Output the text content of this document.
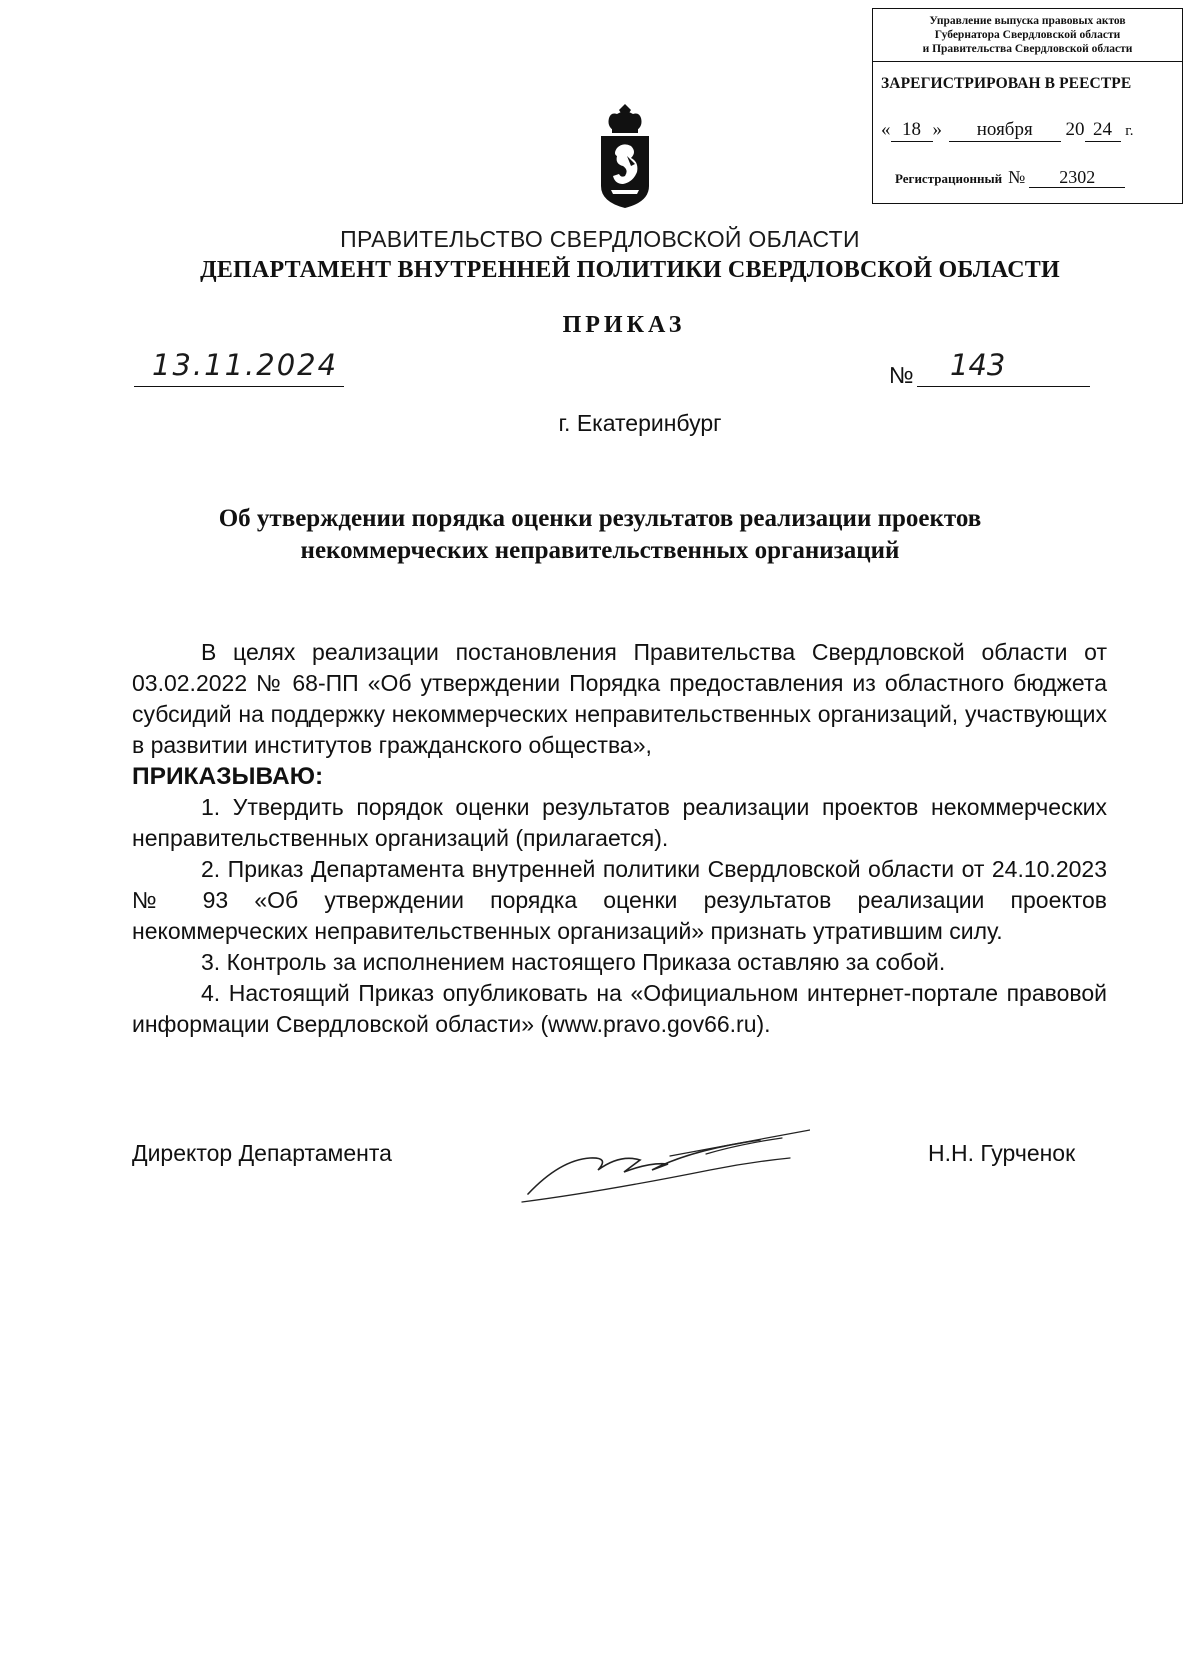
Управление выпуска правовых актов
Губернатора Свердловской области
и Правительства Свердловской области
ЗАРЕГИСТРИРОВАН В РЕЕСТРЕ
« 18 » ноября 20 24 г.
Регистрационный № 2302
ПРАВИТЕЛЬСТВО СВЕРДЛОВСКОЙ ОБЛАСТИ
ДЕПАРТАМЕНТ ВНУТРЕННЕЙ ПОЛИТИКИ СВЕРДЛОВСКОЙ ОБЛАСТИ
ПРИКАЗ
13.11.2024	№ 143
г. Екатеринбург
Об утверждении порядка оценки результатов реализации проектов
некоммерческих неправительственных организаций

В целях реализации постановления Правительства Свердловской области от 03.02.2022 № 68-ПП «Об утверждении Порядка предоставления из областного бюджета субсидий на поддержку некоммерческих неправительственных организаций, участвующих в развитии институтов гражданского общества»,

ПРИКАЗЫВАЮ:

1. Утвердить порядок оценки результатов реализации проектов некоммерческих неправительственных организаций (прилагается).

2. Приказ Департамента внутренней политики Свердловской области от 24.10.2023 № 93 «Об утверждении порядка оценки результатов реализации проектов некоммерческих неправительственных организаций» признать утратившим силу.

3. Контроль за исполнением настоящего Приказа оставляю за собой.

4. Настоящий Приказ опубликовать на «Официальном интернет-портале правовой информации Свердловской области» (www.pravo.gov66.ru).

Директор Департамента	Н.Н. Гурченок
